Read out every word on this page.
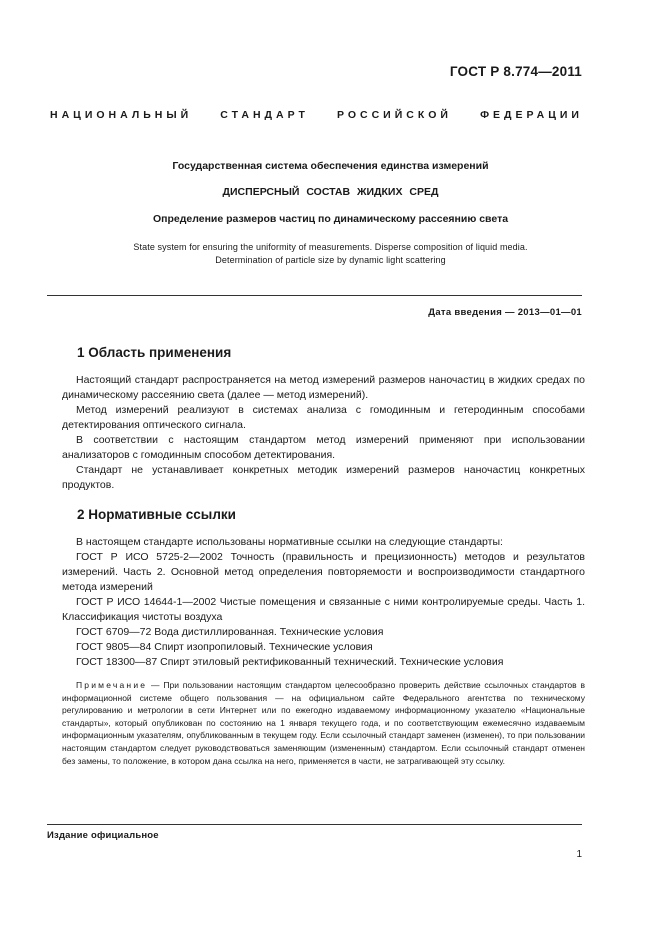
ГОСТ Р 8.774—2011
НАЦИОНАЛЬНЫЙ	СТАНДАРТ	РОССИЙСКОЙ	ФЕДЕРАЦИИ
Государственная система обеспечения единства измерений
ДИСПЕРСНЫЙ СОСТАВ ЖИДКИХ СРЕД
Определение размеров частиц по динамическому рассеянию света
State system for ensuring the uniformity of measurements. Disperse composition of liquid media.
Determination of particle size by dynamic light scattering
Дата введения — 2013—01—01
1 Область применения

Настоящий стандарт распространяется на метод измерений размеров наночастиц в жидких средах по динамическому рассеянию света (далее — метод измерений).

Метод измерений реализуют в системах анализа с гомодинным и гетеродинным способами детектирования оптического сигнала.

В соответствии с настоящим стандартом метод измерений применяют при использовании анализаторов с гомодинным способом детектирования.

Стандарт не устанавливает конкретных методик измерений размеров наночастиц конкретных продуктов.

2 Нормативные ссылки

В настоящем стандарте использованы нормативные ссылки на следующие стандарты:

ГОСТ Р ИСО 5725-2—2002 Точность (правильность и прецизионность) методов и результатов измерений. Часть 2. Основной метод определения повторяемости и воспроизводимости стандартного метода измерений

ГОСТ Р ИСО 14644-1—2002 Чистые помещения и связанные с ними контролируемые среды. Часть 1. Классификация чистоты воздуха

ГОСТ 6709—72 Вода дистиллированная. Технические условия

ГОСТ 9805—84 Спирт изопропиловый. Технические условия

ГОСТ 18300—87 Спирт этиловый ректификованный технический. Технические условия

Примечание — При пользовании настоящим стандартом целесообразно проверить действие ссылочных стандартов в информационной системе общего пользования — на официальном сайте Федерального агентства по техническому регулированию и метрологии в сети Интернет или по ежегодно издаваемому информационному указателю «Национальные стандарты», который опубликован по состоянию на 1 января текущего года, и по соответствующим ежемесячно издаваемым информационным указателям, опубликованным в текущем году. Если ссылочный стандарт заменен (изменен), то при пользовании настоящим стандартом следует руководствоваться заменяющим (измененным) стандартом. Если ссылочный стандарт отменен без замены, то положение, в котором дана ссылка на него, применяется в части, не затрагивающей эту ссылку.
Издание официальное
1
